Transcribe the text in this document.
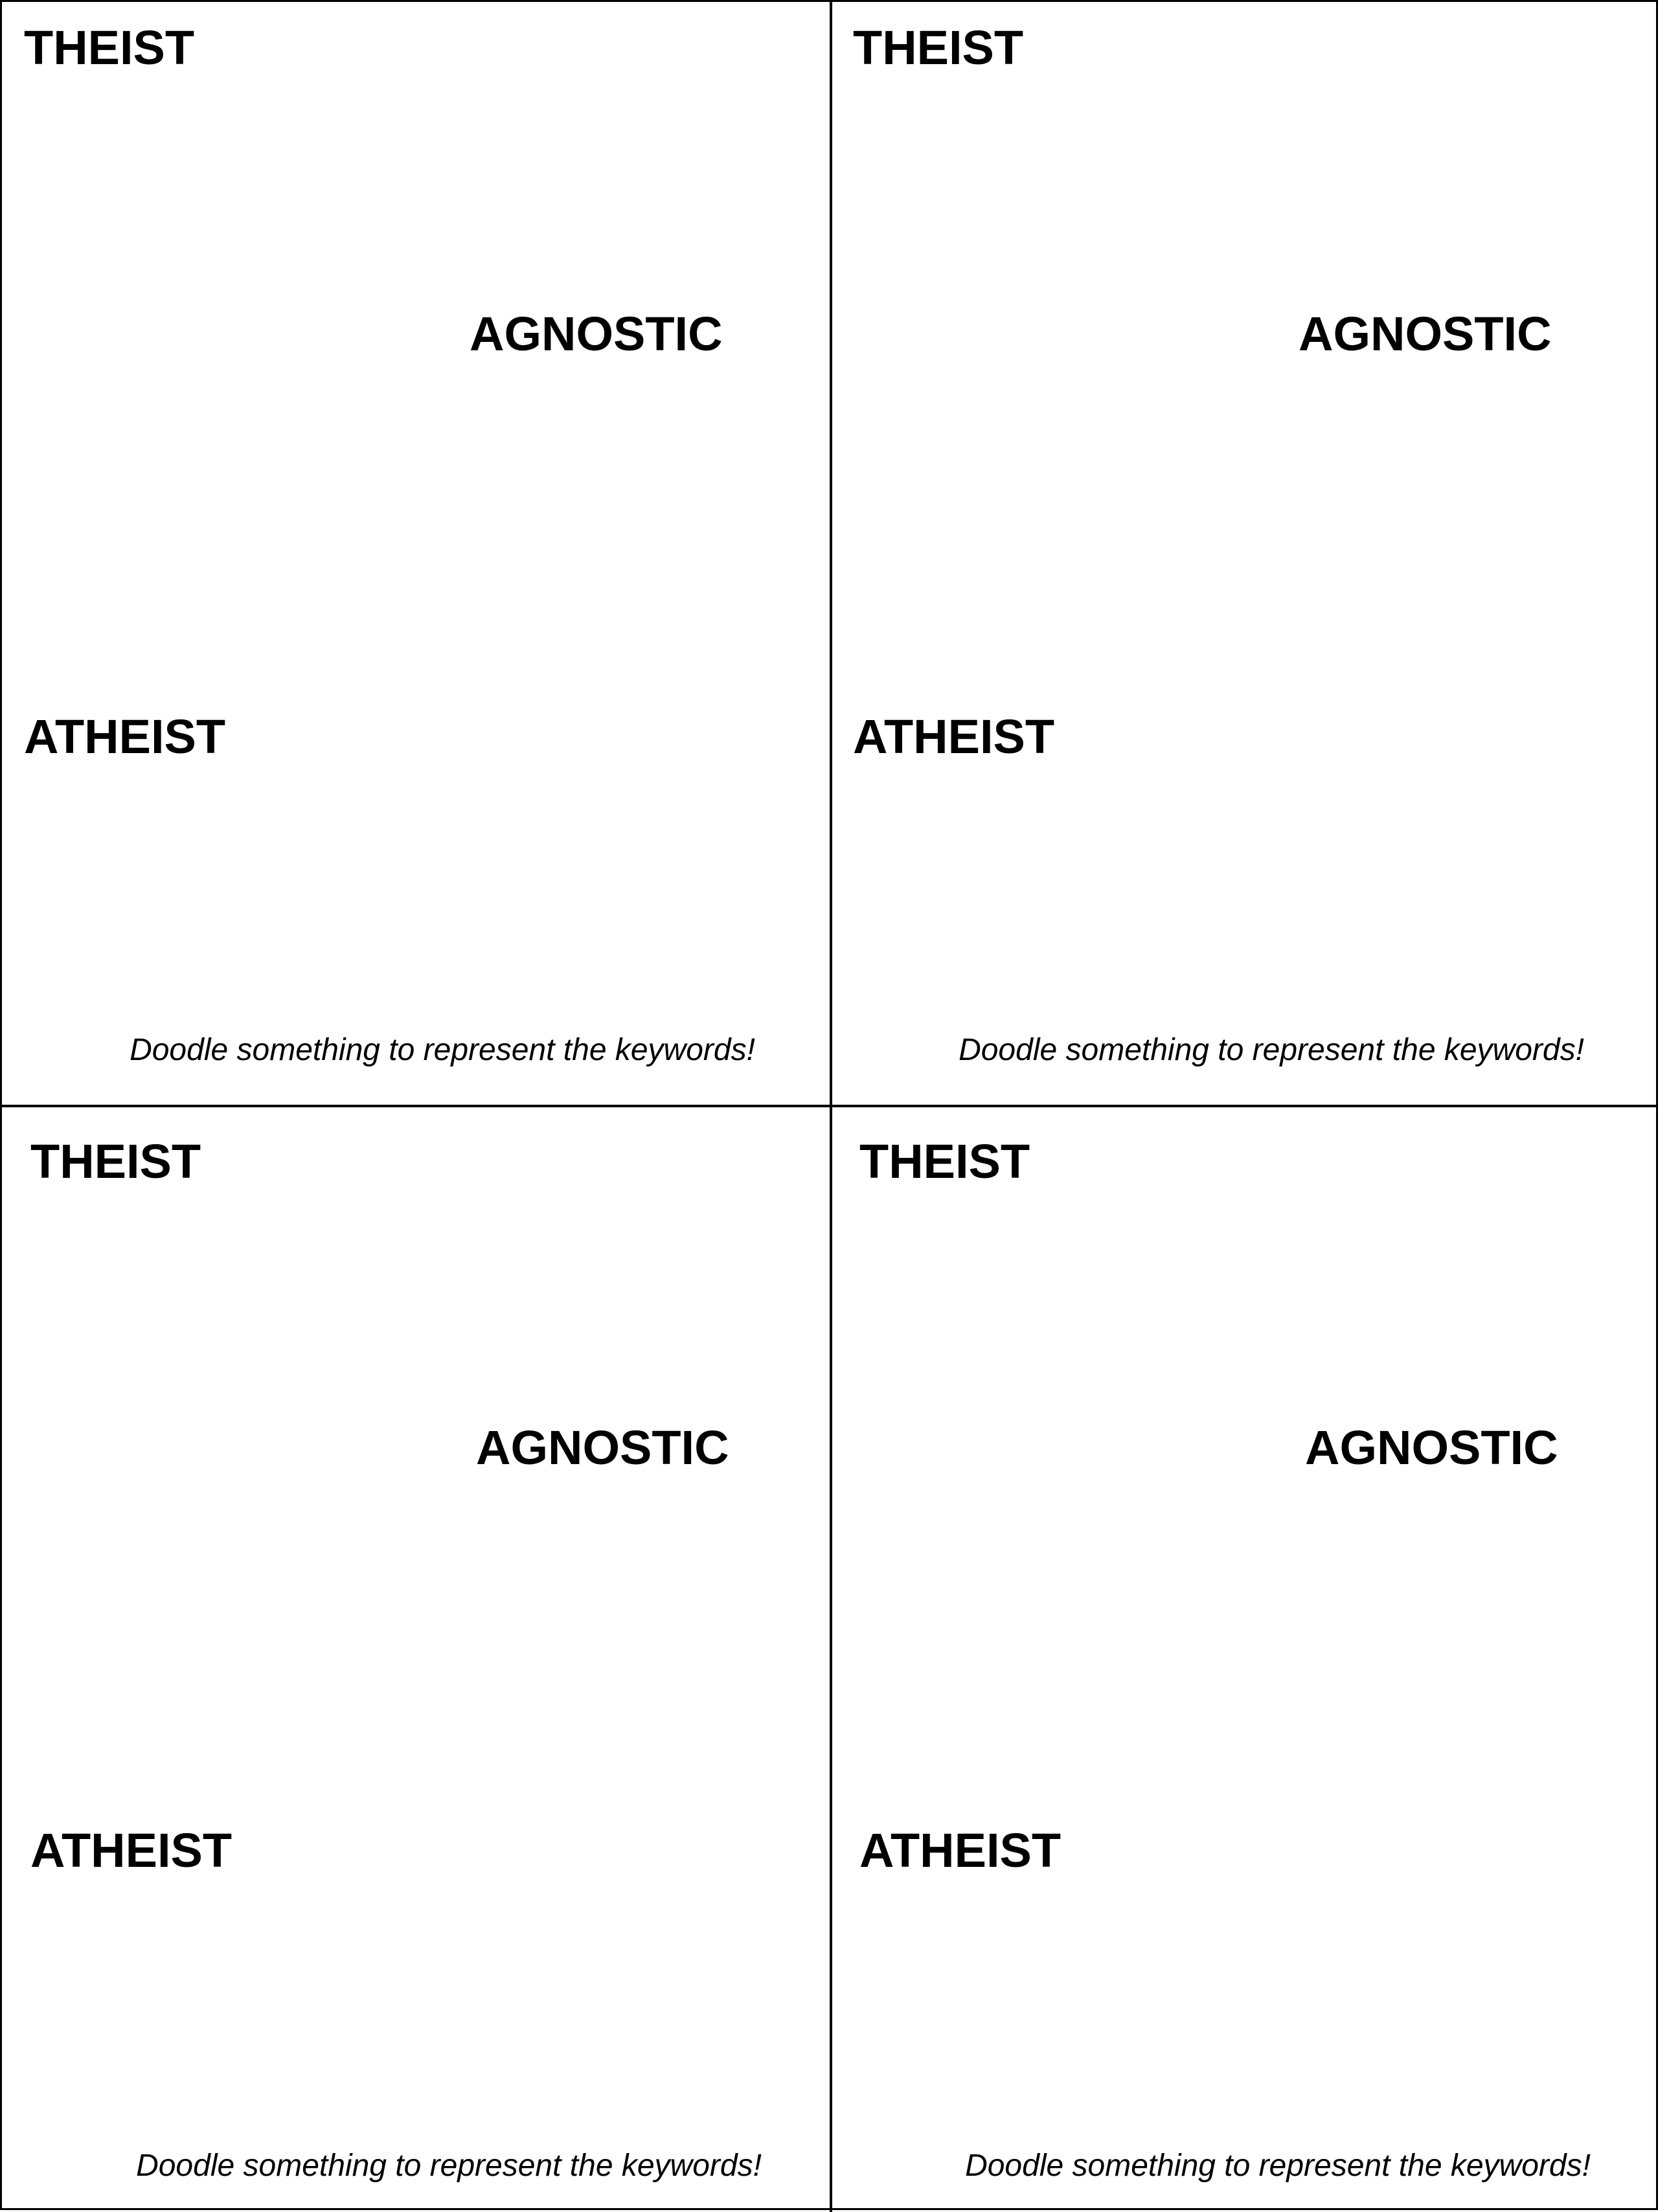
THEIST
AGNOSTIC
ATHEIST
Doodle something to represent the keywords!
THEIST
AGNOSTIC
ATHEIST
Doodle something to represent the keywords!
THEIST
AGNOSTIC
ATHEIST
Doodle something to represent the keywords!
THEIST
AGNOSTIC
ATHEIST
Doodle something to represent the keywords!
